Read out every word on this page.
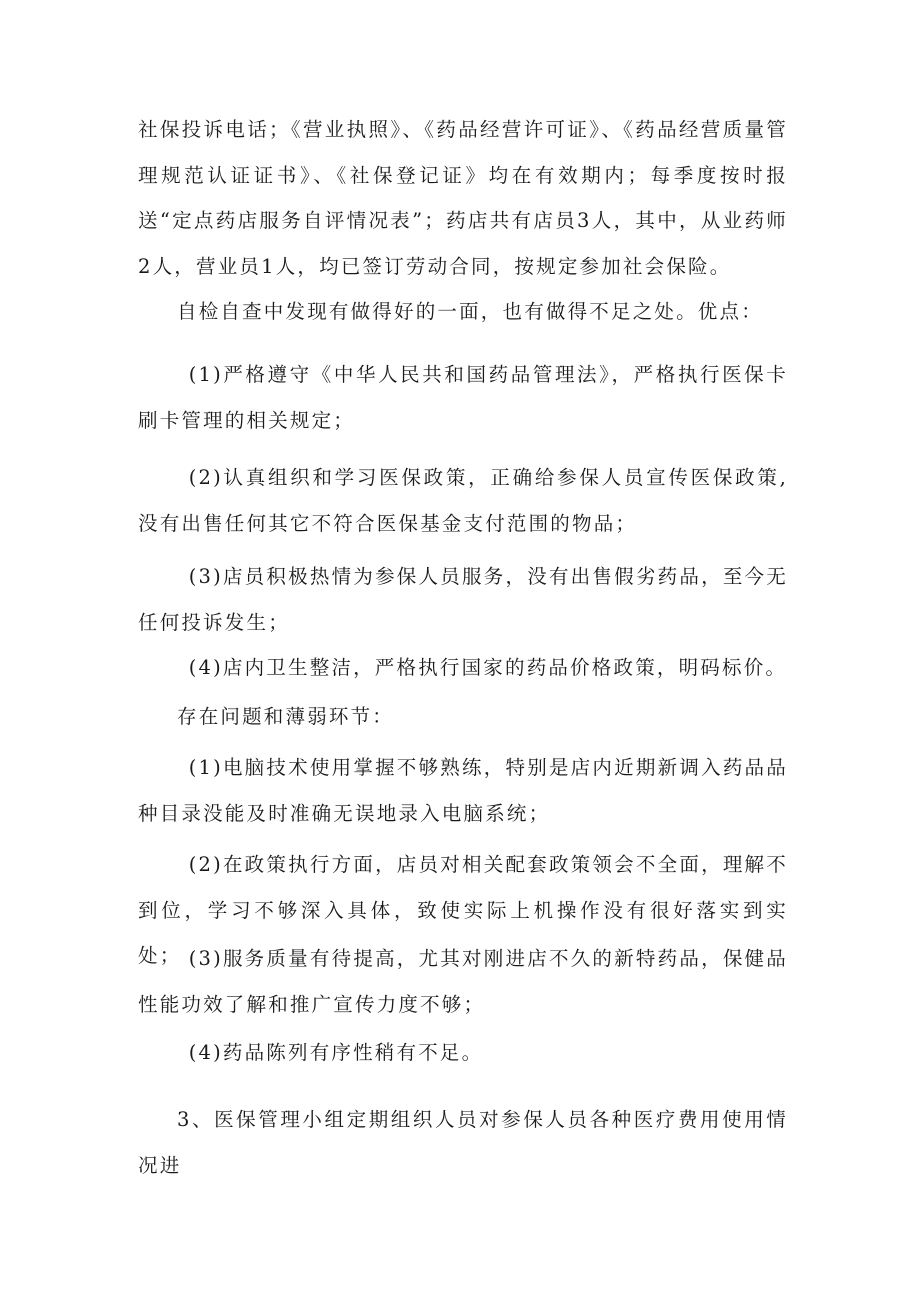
社保投诉电话；《营业执照》、《药品经营许可证》、《药品经营质量管理规范认证证书》、《社保登记证》均在有效期内；每季度按时报送“定点药店服务自评情况表”；药店共有店员3人，其中，从业药师2人，营业员1人，均已签订劳动合同，按规定参加社会保险。

自检自查中发现有做得好的一面，也有做得不足之处。优点：

(1)严格遵守《中华人民共和国药品管理法》，严格执行医保卡刷卡管理的相关规定；

(2)认真组织和学习医保政策，正确给参保人员宣传医保政策,没有出售任何其它不符合医保基金支付范围的物品；

(3)店员积极热情为参保人员服务，没有出售假劣药品，至今无任何投诉发生；

(4)店内卫生整洁，严格执行国家的药品价格政策，明码标价。

存在问题和薄弱环节：

(1)电脑技术使用掌握不够熟练，特别是店内近期新调入药品品种目录没能及时准确无误地录入电脑系统；

(2)在政策执行方面，店员对相关配套政策领会不全面，理解不到位，学习不够深入具体，致使实际上机操作没有很好落实到实处； (3)服务质量有待提高，尤其对刚进店不久的新特药品，保健品性能功效了解和推广宣传力度不够；

(4)药品陈列有序性稍有不足。

3、医保管理小组定期组织人员对参保人员各种医疗费用使用情况进
